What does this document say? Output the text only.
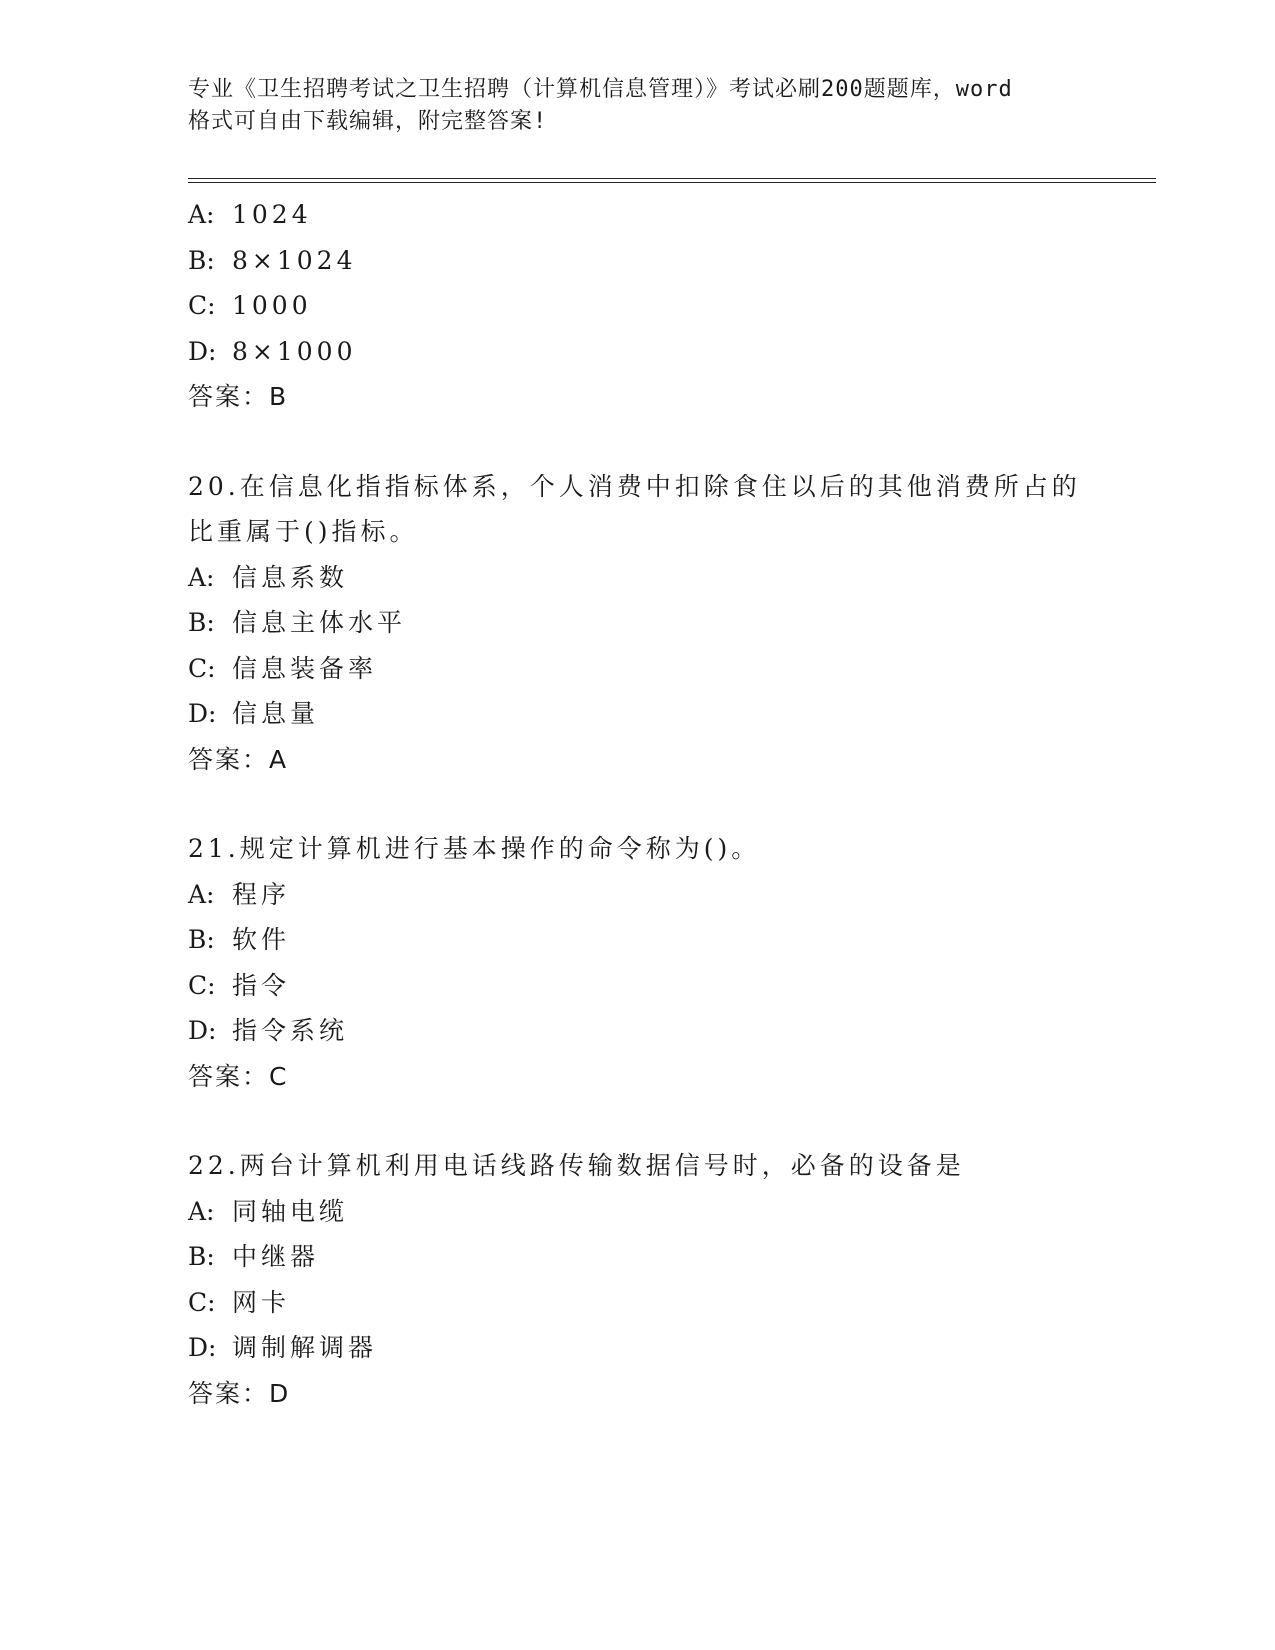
专业《卫生招聘考试之卫生招聘（计算机信息管理）》考试必刷200题题库，word
格式可自由下载编辑，附完整答案!
A: 1024
B: 8×1024
C: 1000
D: 8×1000
答案：B
20.在信息化指指标体系，个人消费中扣除食住以后的其他消费所占的
比重属于()指标。
A: 信息系数
B: 信息主体水平
C: 信息装备率
D: 信息量
答案：A
21.规定计算机进行基本操作的命令称为()。
A: 程序
B: 软件
C: 指令
D: 指令系统
答案：C
22.两台计算机利用电话线路传输数据信号时，必备的设备是
A: 同轴电缆
B: 中继器
C: 网卡
D: 调制解调器
答案：D
